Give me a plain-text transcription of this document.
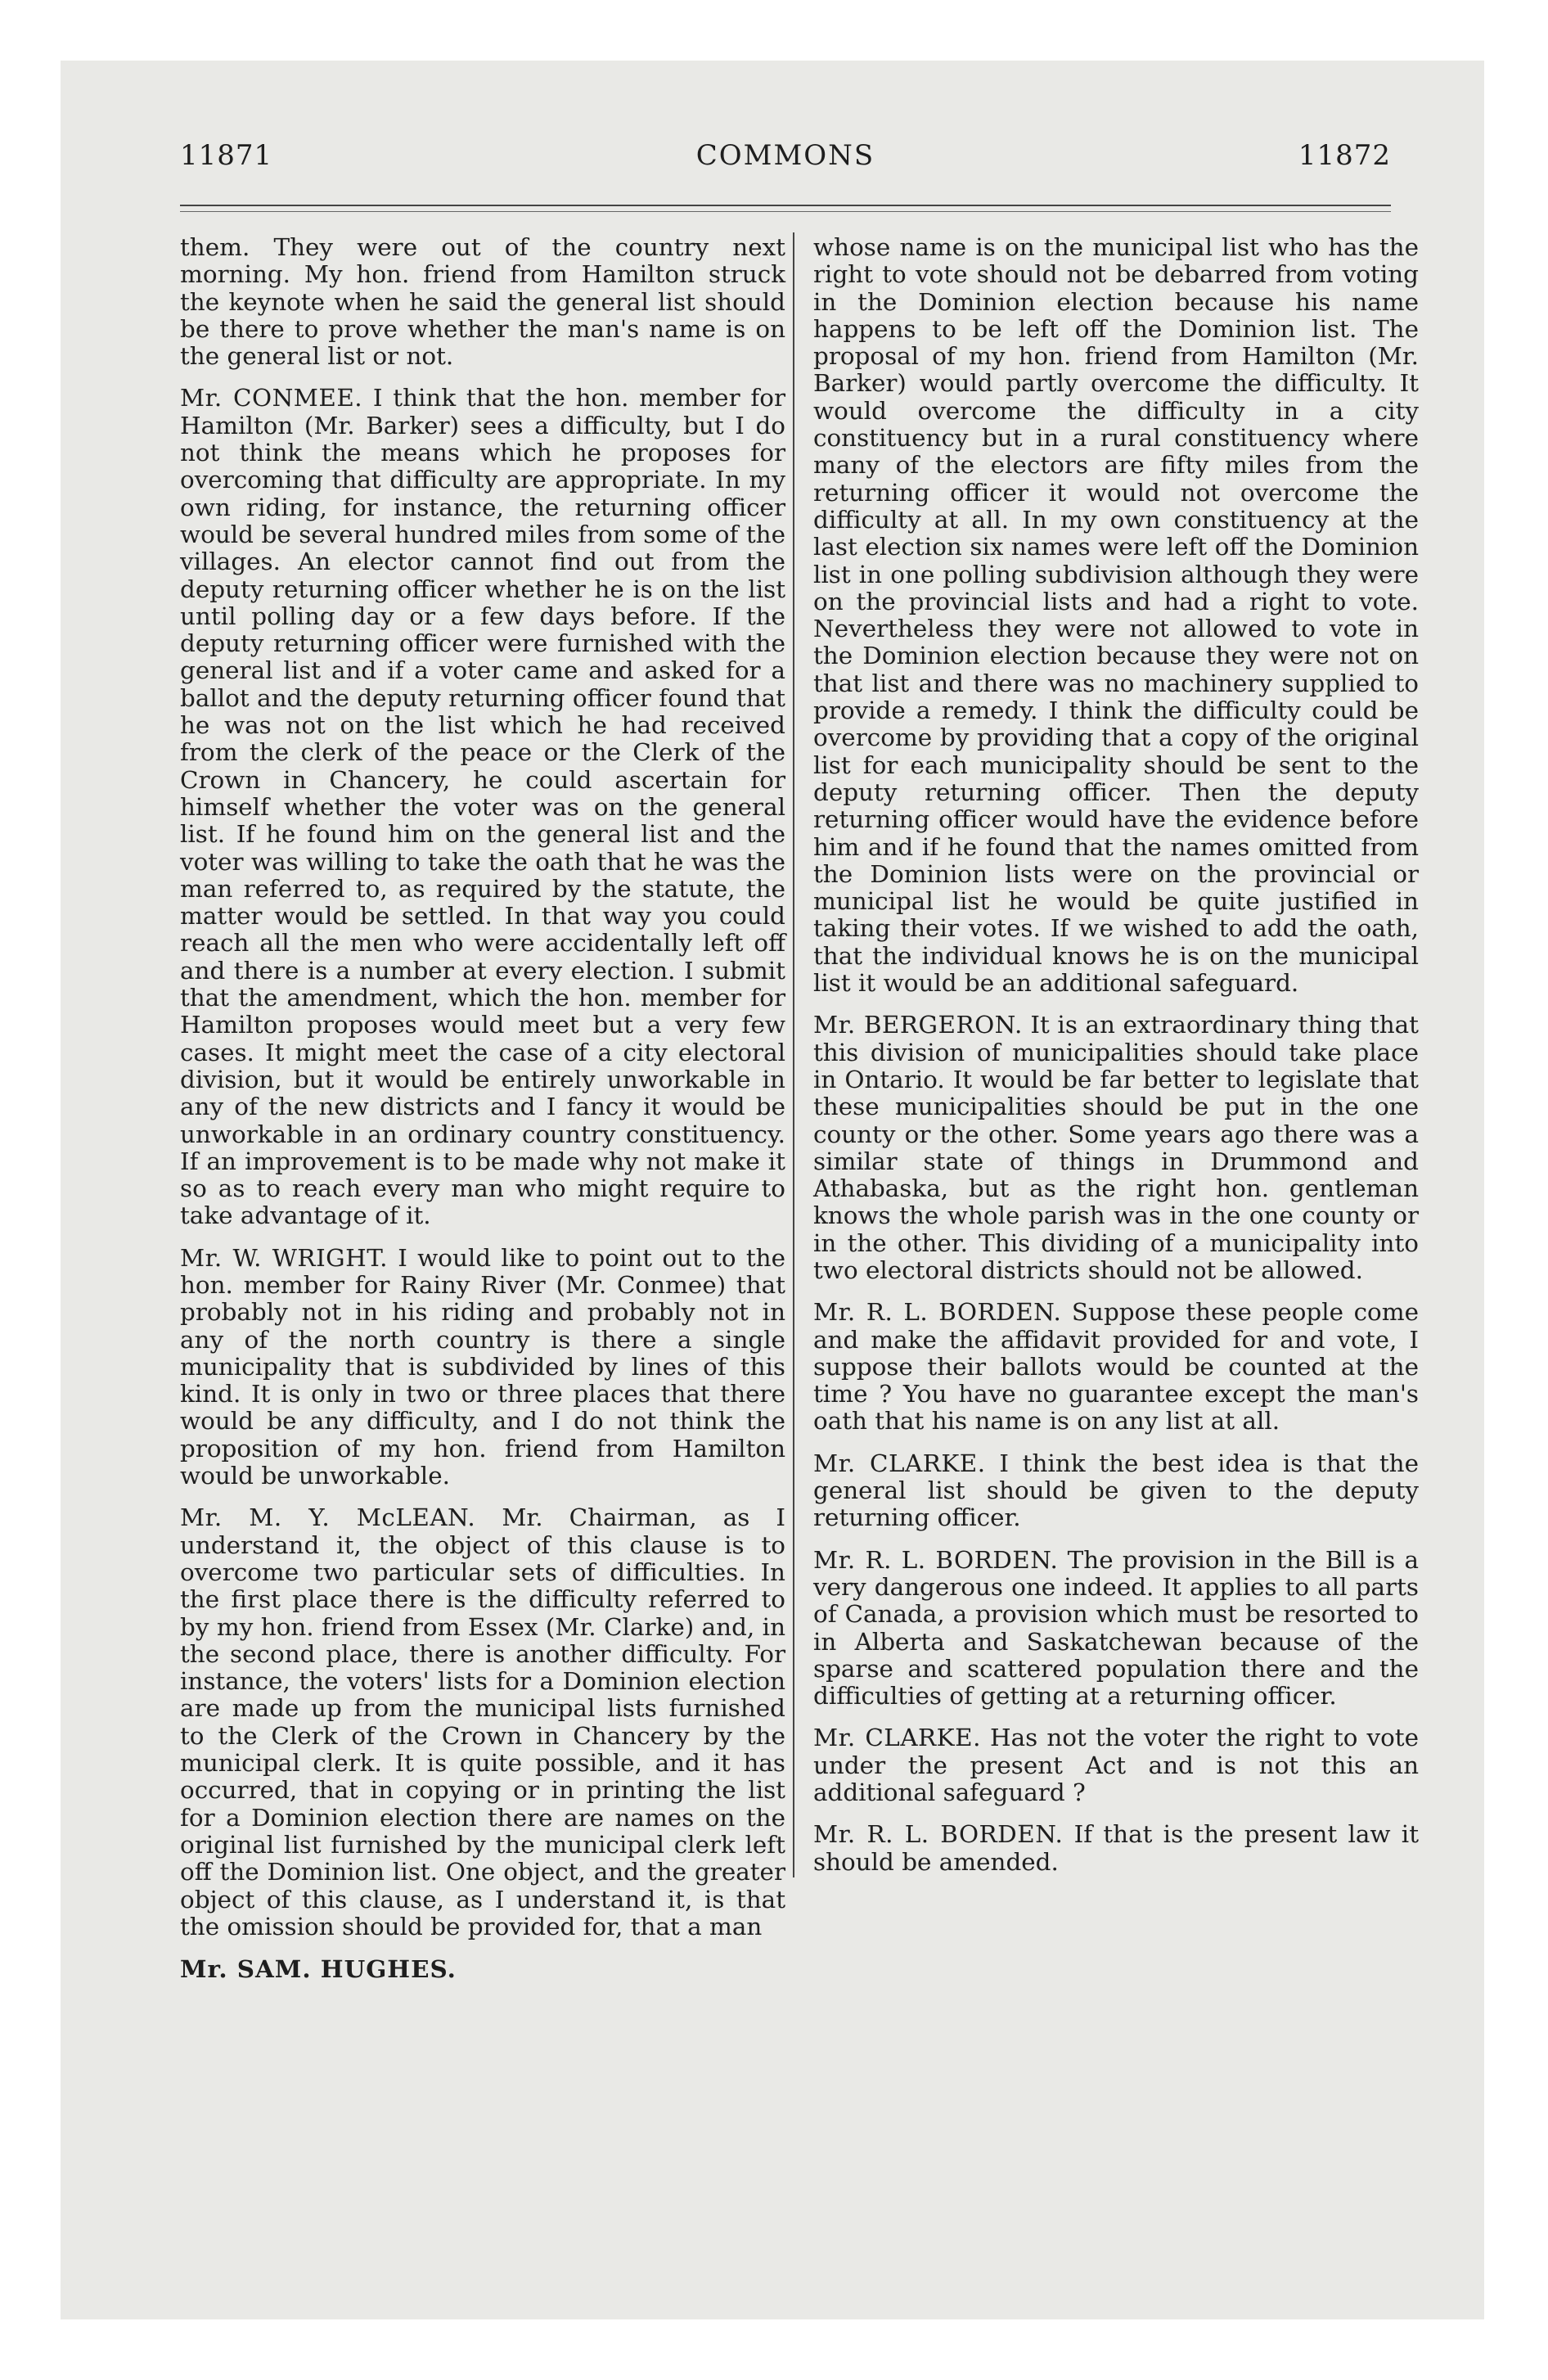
11871	COMMONS	11872

them. They were out of the country next morning. My hon. friend from Hamilton struck the keynote when he said the general list should be there to prove whether the man's name is on the general list or not.

Mr. CONMEE. I think that the hon. member for Hamilton (Mr. Barker) sees a difficulty, but I do not think the means which he proposes for overcoming that difficulty are appropriate. In my own riding, for instance, the returning officer would be several hundred miles from some of the villages. An elector cannot find out from the deputy returning officer whether he is on the list until polling day or a few days before. If the deputy returning officer were furnished with the general list and if a voter came and asked for a ballot and the deputy returning officer found that he was not on the list which he had received from the clerk of the peace or the Clerk of the Crown in Chancery, he could ascertain for himself whether the voter was on the general list. If he found him on the general list and the voter was willing to take the oath that he was the man referred to, as required by the statute, the matter would be settled. In that way you could reach all the men who were accidentally left off and there is a number at every election. I submit that the amendment, which the hon. member for Hamilton proposes would meet but a very few cases. It might meet the case of a city electoral division, but it would be entirely unworkable in any of the new districts and I fancy it would be unworkable in an ordinary country constituency. If an improvement is to be made why not make it so as to reach every man who might require to take advantage of it.

Mr. W. WRIGHT. I would like to point out to the hon. member for Rainy River (Mr. Conmee) that probably not in his riding and probably not in any of the north country is there a single municipality that is subdivided by lines of this kind. It is only in two or three places that there would be any difficulty, and I do not think the proposition of my hon. friend from Hamilton would be unworkable.

Mr. M. Y. McLEAN. Mr. Chairman, as I understand it, the object of this clause is to overcome two particular sets of difficulties. In the first place there is the difficulty referred to by my hon. friend from Essex (Mr. Clarke) and, in the second place, there is another difficulty. For instance, the voters' lists for a Dominion election are made up from the municipal lists furnished to the Clerk of the Crown in Chancery by the municipal clerk. It is quite possible, and it has occurred, that in copying or in printing the list for a Dominion election there are names on the original list furnished by the municipal clerk left off the Dominion list. One object, and the greater object of this clause, as I understand it, is that the omission should be provided for, that a man

Mr. SAM. HUGHES.

whose name is on the municipal list who has the right to vote should not be debarred from voting in the Dominion election because his name happens to be left off the Dominion list. The proposal of my hon. friend from Hamilton (Mr. Barker) would partly overcome the difficulty. It would overcome the difficulty in a city constituency but in a rural constituency where many of the electors are fifty miles from the returning officer it would not overcome the difficulty at all. In my own constituency at the last election six names were left off the Dominion list in one polling subdivision although they were on the provincial lists and had a right to vote. Nevertheless they were not allowed to vote in the Dominion election because they were not on that list and there was no machinery supplied to provide a remedy. I think the difficulty could be overcome by providing that a copy of the original list for each municipality should be sent to the deputy returning officer. Then the deputy returning officer would have the evidence before him and if he found that the names omitted from the Dominion lists were on the provincial or municipal list he would be quite justified in taking their votes. If we wished to add the oath, that the individual knows he is on the municipal list it would be an additional safeguard.

Mr. BERGERON. It is an extraordinary thing that this division of municipalities should take place in Ontario. It would be far better to legislate that these municipalities should be put in the one county or the other. Some years ago there was a similar state of things in Drummond and Athabaska, but as the right hon. gentleman knows the whole parish was in the one county or in the other. This dividing of a municipality into two electoral districts should not be allowed.

Mr. R. L. BORDEN. Suppose these people come and make the affidavit provided for and vote, I suppose their ballots would be counted at the time ? You have no guarantee except the man's oath that his name is on any list at all.

Mr. CLARKE. I think the best idea is that the general list should be given to the deputy returning officer.

Mr. R. L. BORDEN. The provision in the Bill is a very dangerous one indeed. It applies to all parts of Canada, a provision which must be resorted to in Alberta and Saskatchewan because of the sparse and scattered population there and the difficulties of getting at a returning officer.

Mr. CLARKE. Has not the voter the right to vote under the present Act and is not this an additional safeguard ?

Mr. R. L. BORDEN. If that is the present law it should be amended.
